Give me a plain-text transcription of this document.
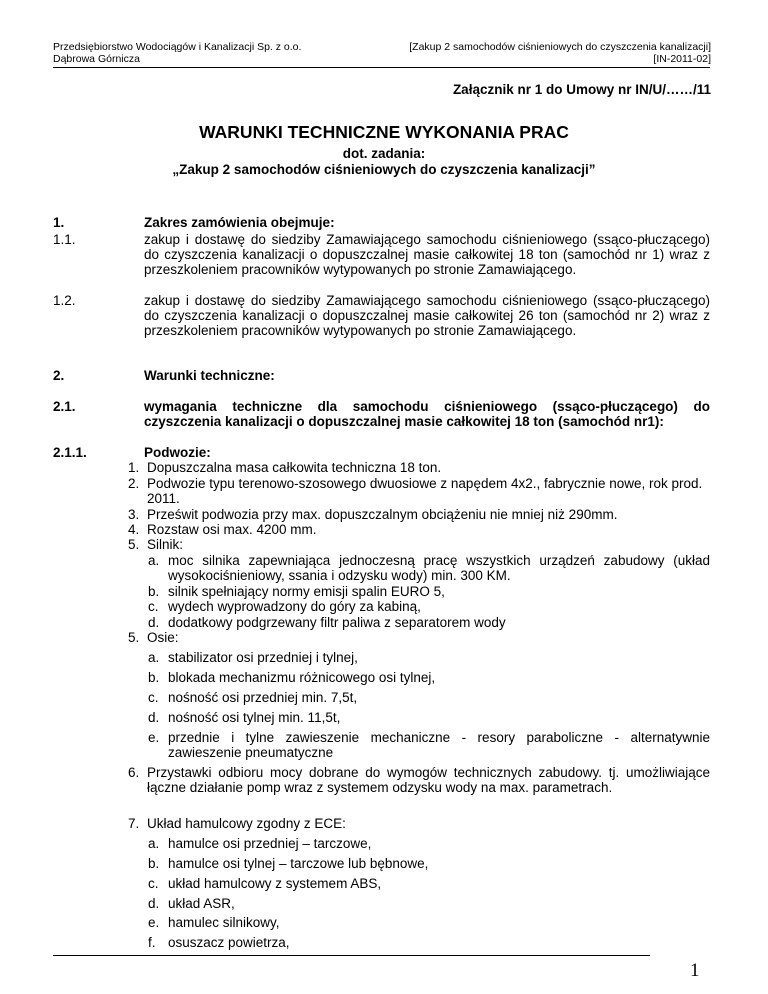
Przedsiębiorstwo Wodociągów i Kanalizacji Sp. z o.o.
Dąbrowa Górnicza
[Zakup 2 samochodów ciśnieniowych do czyszczenia kanalizacji]
[IN-2011-02]
Załącznik nr 1 do Umowy nr IN/U/……/11
WARUNKI TECHNICZNE WYKONANIA PRAC
dot. zadania:
„Zakup 2 samochodów ciśnieniowych do czyszczenia kanalizacji”
1.	Zakres zamówienia obejmuje:
1.1.	zakup i dostawę do siedziby Zamawiającego samochodu ciśnieniowego (ssąco-płuczącego) do czyszczenia kanalizacji o dopuszczalnej masie całkowitej 18 ton (samochód nr 1) wraz z przeszkoleniem pracowników wytypowanych po stronie Zamawiającego.
1.2.	zakup i dostawę do siedziby Zamawiającego samochodu ciśnieniowego (ssąco-płuczącego) do czyszczenia kanalizacji o dopuszczalnej masie całkowitej 26 ton (samochód nr 2) wraz z przeszkoleniem pracowników wytypowanych po stronie Zamawiającego.
2.	Warunki techniczne:
2.1.	wymagania techniczne dla samochodu ciśnieniowego (ssąco-płuczącego) do czyszczenia kanalizacji o dopuszczalnej masie całkowitej 18 ton (samochód nr1):
2.1.1.	Podwozie:
1. Dopuszczalna masa całkowita techniczna 18 ton.
2. Podwozie typu terenowo-szosowego dwuosiowe z napędem 4x2., fabrycznie nowe, rok prod. 2011.
3. Prześwit podwozia przy max. dopuszczalnym obciążeniu nie mniej niż 290mm.
4. Rozstaw osi max. 4200 mm.
5. Silnik:
a. moc silnika zapewniająca jednoczesną pracę wszystkich urządzeń zabudowy (układ wysokociśnieniowy, ssania i odzysku wody) min. 300 KM.
b. silnik spełniający normy emisji spalin EURO 5,
c. wydech wyprowadzony do góry za kabiną,
d. dodatkowy podgrzewany filtr paliwa z separatorem wody
5. Osie:
a. stabilizator osi przedniej i tylnej,
b. blokada mechanizmu różnicowego osi tylnej,
c. nośność osi przedniej min. 7,5t,
d. nośność osi tylnej min. 11,5t,
e. przednie i tylne zawieszenie mechaniczne - resory paraboliczne - alternatywnie zawieszenie pneumatyczne
6. Przystawki odbioru mocy dobrane do wymogów technicznych zabudowy. tj. umożliwiające łączne działanie pomp wraz z systemem odzysku wody na max. parametrach.
7. Układ hamulcowy zgodny z ECE:
a. hamulce osi przedniej – tarczowe,
b. hamulce osi tylnej – tarczowe lub bębnowe,
c. układ hamulcowy z systemem ABS,
d. układ ASR,
e. hamulec silnikowy,
f. osuszacz powietrza,
1
